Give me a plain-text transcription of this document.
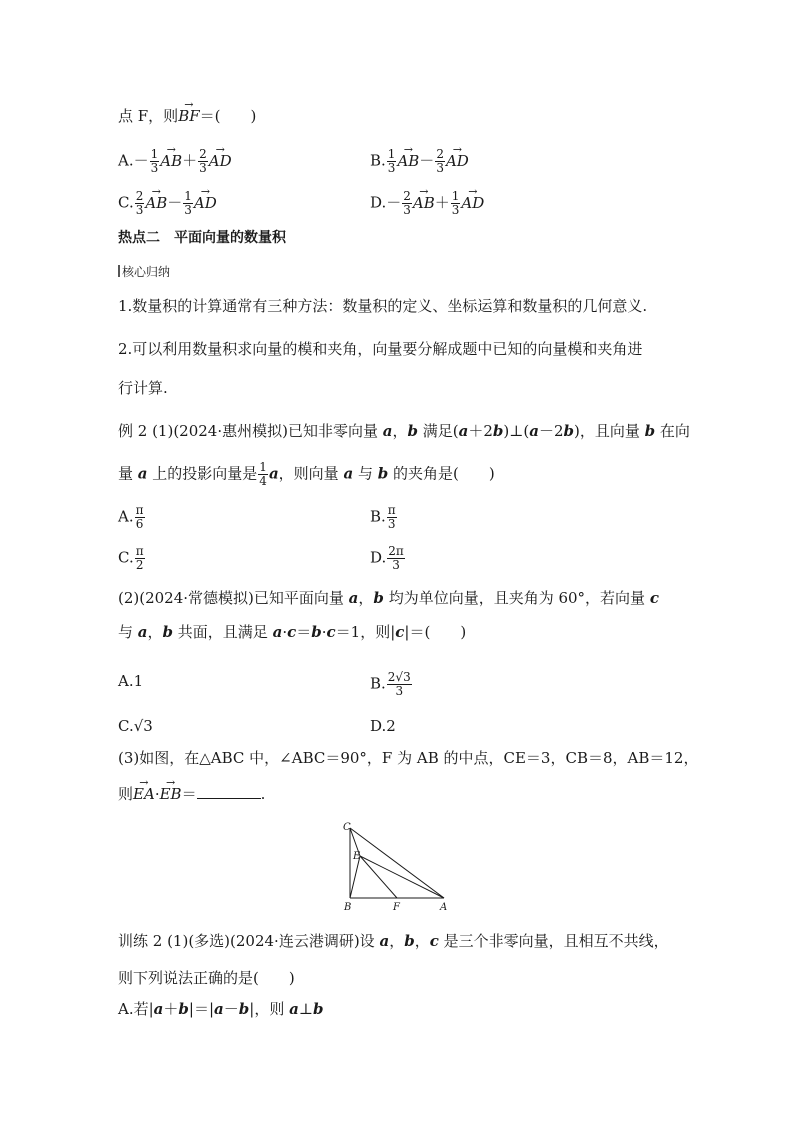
点 F，则→ BF＝(　　)
$A.- \frac{1}{3}$
→ $AB+ \frac{2}{3}$
→ AD	B. $\frac{1}{3}$
→ $AB- \frac{2}{3}$
→ AD
C. $\frac{2}{3}$
→ $AB- \frac{1}{3}$
→ AD	$D.- \frac{2}{3}$
→ $AB+ \frac{1}{3}$
→ AD
热点二　平面向量的数量积
核心归纳
1.数量积的计算通常有三种方法：数量积的定义、坐标运算和数量积的几何意义.
2.可以利用数量积求向量的模和夹角，向量要分解成题中已知的向量模和夹角进
行计算.
例 2 (1)(2024·惠州模拟)已知非零向量 a，b 满足(a＋2b)⊥(a－2b)，且向量 b 在向
量 a 上的投影向量是 $\frac{1}{4}$ a，则向量 a 与 b 的夹角是(　　)
A. $\frac{\pi}{6}$	B. $\frac{\pi}{3}$
C. $\frac{\pi}{2}$	D. $\frac{2\pi}{3}$
(2)(2024·常德模拟)已知平面向量 a，b 均为单位向量，且夹角为 60°，若向量 c
与 a，b 共面，且满足 a·c＝b·c＝1，则|c|＝(　　)
A.1	B. $\frac{2√3}{3}$
C.√3	D.2
(3)如图，在△ABC 中，∠ABC＝90°，F 为 AB 的中点，CE＝3，CB＝8，AB＝12，
则→ EA·→ EB＝	.
C
E
B	F	A
训练 2 (1)(多选)(2024·连云港调研)设 a，b，c 是三个非零向量，且相互不共线，
则下列说法正确的是(　　)
A.若|a＋b|＝|a－b|，则 a⊥b
